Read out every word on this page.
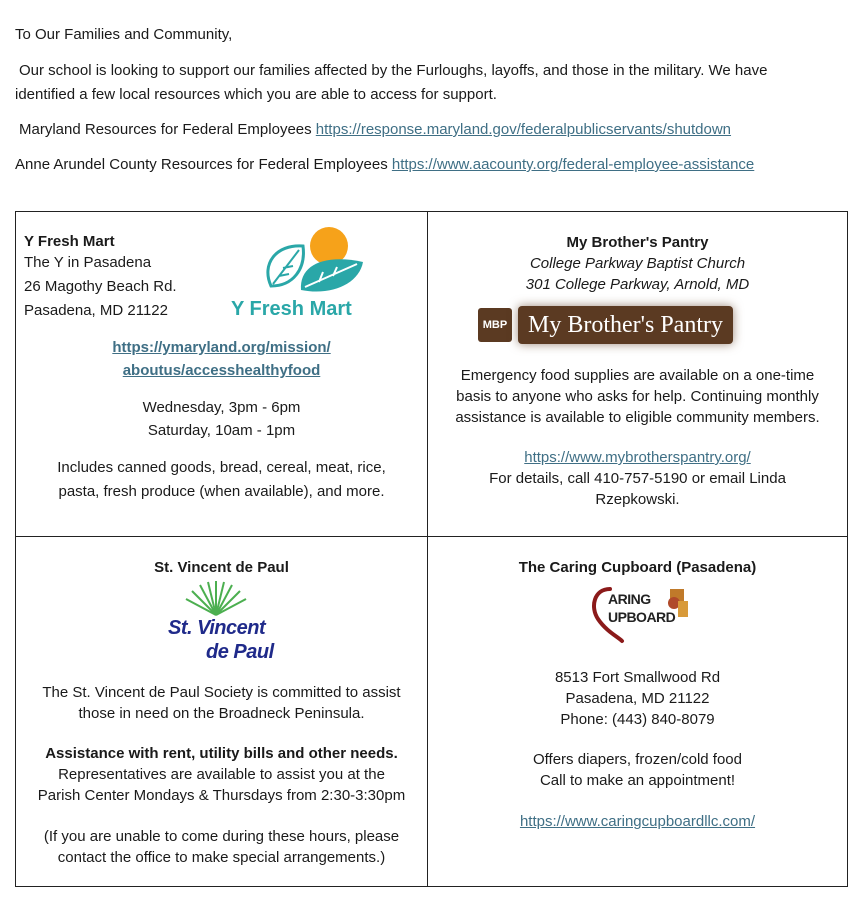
To Our Families and Community,
Our school is looking to support our families affected by the Furloughs, layoffs, and those in the military. We have
identified a few local resources which you are able to access for support.
Maryland Resources for Federal Employees https://response.maryland.gov/federalpublicservants/shutdown
Anne Arundel County Resources for Federal Employees https://www.aacounty.org/federal-employee-assistance
Y Fresh Mart
The Y in Pasadena
26 Magothy Beach Rd.
Pasadena, MD 21122	Y Fresh Mart
https://ymaryland.org/mission/
aboutus/accesshealthyfood
Wednesday, 3pm - 6pm
Saturday, 10am - 1pm
Includes canned goods, bread, cereal, meat, rice,
pasta, fresh produce (when available), and more.
My Brother's Pantry
College Parkway Baptist Church
301 College Parkway, Arnold, MD
MBP My Brother's Pantry
Emergency food supplies are available on a one-time
basis to anyone who asks for help. Continuing monthly
assistance is available to eligible community members.
https://www.mybrotherspantry.org/
For details, call 410-757-5190 or email Linda
Rzepkowski.
St. Vincent de Paul
St. Vincent
de Paul
The St. Vincent de Paul Society is committed to assist
those in need on the Broadneck Peninsula.
Assistance with rent, utility bills and other needs.
Representatives are available to assist you at the
Parish Center Mondays & Thursdays from 2:30-3:30pm
(If you are unable to come during these hours, please
contact the office to make special arrangements.)
The Caring Cupboard (Pasadena)
ARING
UPBOARD
8513 Fort Smallwood Rd
Pasadena, MD 21122
Phone: (443) 840-8079
Offers diapers, frozen/cold food
Call to make an appointment!
https://www.caringcupboardllc.com/
